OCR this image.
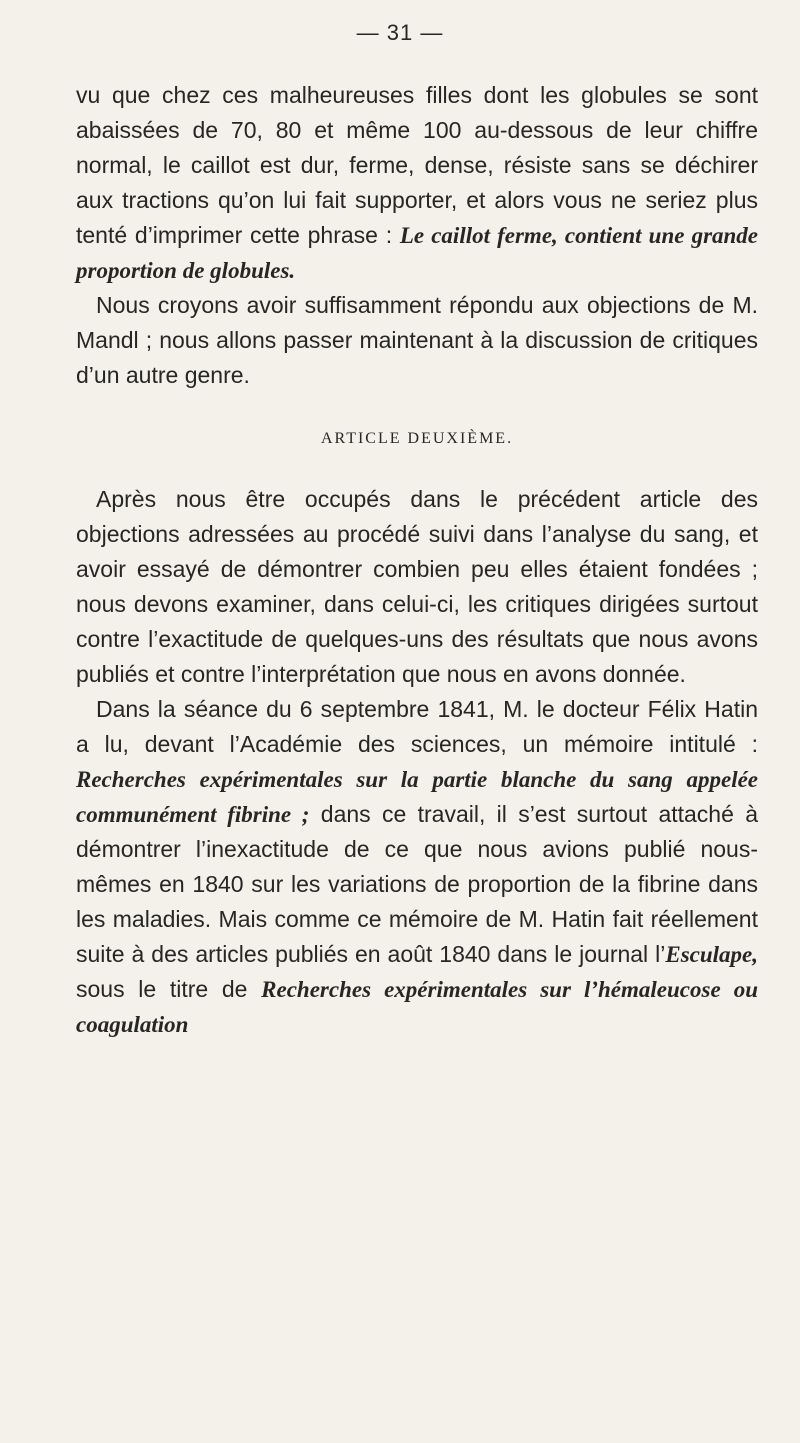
— 31 —

vu que chez ces malheureuses filles dont les globules se sont abaissées de 70, 80 et même 100 au-dessous de leur chiffre normal, le caillot est dur, ferme, dense, résiste sans se déchirer aux tractions qu’on lui fait supporter, et alors vous ne seriez plus tenté d’imprimer cette phrase : Le caillot ferme, contient une grande proportion de globules.

Nous croyons avoir suffisamment répondu aux objections de M. Mandl ; nous allons passer maintenant à la discussion de critiques d’un autre genre.

ARTICLE DEUXIÈME.

Après nous être occupés dans le précédent article des objections adressées au procédé suivi dans l’analyse du sang, et avoir essayé de démontrer combien peu elles étaient fondées ; nous devons examiner, dans celui-ci, les critiques dirigées surtout contre l’exactitude de quelques-uns des résultats que nous avons publiés et contre l’interprétation que nous en avons donnée.

Dans la séance du 6 septembre 1841, M. le docteur Félix Hatin a lu, devant l’Académie des sciences, un mémoire intitulé : Recherches expérimentales sur la partie blanche du sang appelée communément fibrine ; dans ce travail, il s’est surtout attaché à démontrer l’inexactitude de ce que nous avions publié nous-mêmes en 1840 sur les variations de proportion de la fibrine dans les maladies. Mais comme ce mémoire de M. Hatin fait réellement suite à des articles publiés en août 1840 dans le journal l’Esculape, sous le titre de Recherches expérimentales sur l’hémaleucose ou coagulation
